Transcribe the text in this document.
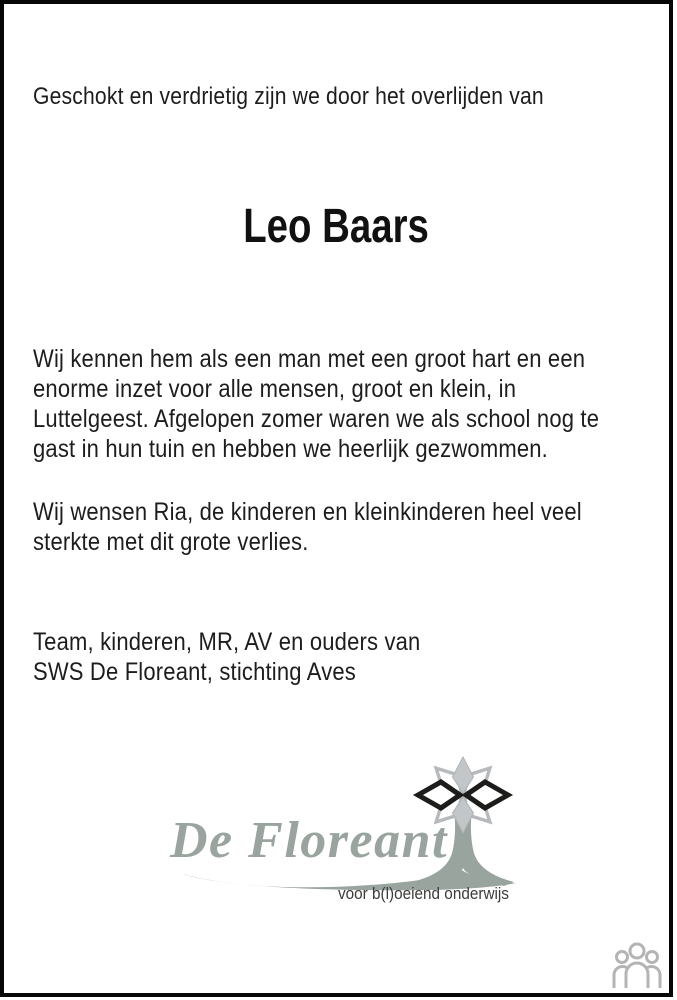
Geschokt en verdrietig zijn we door het overlijden van
Leo Baars
Wij kennen hem als een man met een groot hart en een
enorme inzet voor alle mensen, groot en klein, in
Luttelgeest. Afgelopen zomer waren we als school nog te
gast in hun tuin en hebben we heerlijk gezwommen.
Wij wensen Ria, de kinderen en kleinkinderen heel veel
sterkte met dit grote verlies.
Team, kinderen, MR, AV en ouders van
SWS De Floreant, stichting Aves
De Floreant
voor b(l)oeiend onderwijs
